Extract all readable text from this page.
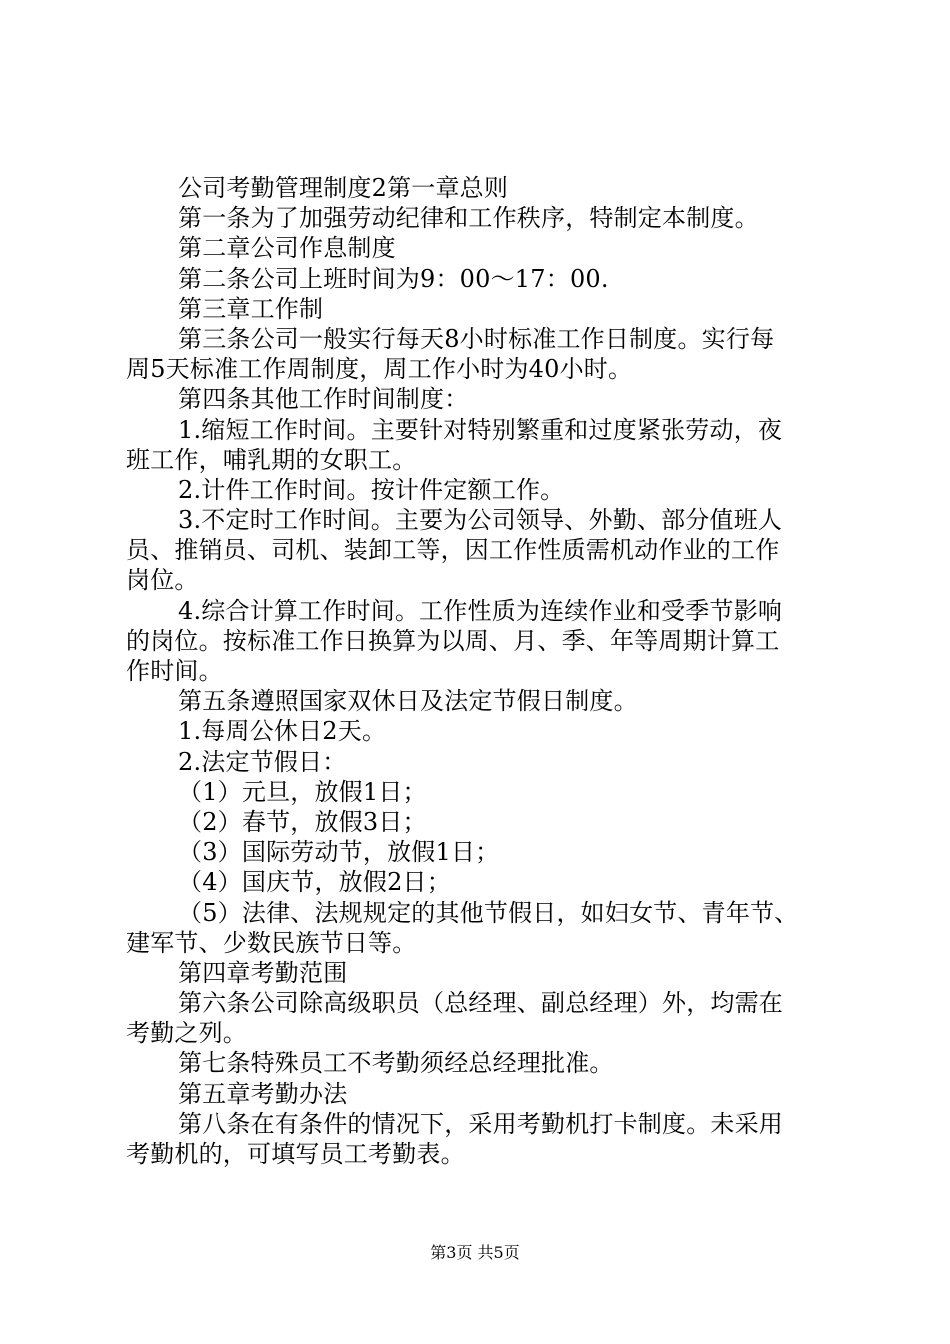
公司考勤管理制度2第一章总则
第一条为了加强劳动纪律和工作秩序，特制定本制度。
第二章公司作息制度
第二条公司上班时间为9：00～17：00.
第三章工作制
第三条公司一般实行每天8小时标准工作日制度。实行每
周5天标准工作周制度，周工作小时为40小时。
第四条其他工作时间制度：
1.缩短工作时间。主要针对特别繁重和过度紧张劳动，夜
班工作，哺乳期的女职工。
2.计件工作时间。按计件定额工作。
3.不定时工作时间。主要为公司领导、外勤、部分值班人
员、推销员、司机、装卸工等，因工作性质需机动作业的工作
岗位。
4.综合计算工作时间。工作性质为连续作业和受季节影响
的岗位。按标准工作日换算为以周、月、季、年等周期计算工
作时间。
第五条遵照国家双休日及法定节假日制度。
1.每周公休日2天。
2.法定节假日：
（1）元旦，放假1日；
（2）春节，放假3日；
（3）国际劳动节，放假1日；
（4）国庆节，放假2日；
（5）法律、法规规定的其他节假日，如妇女节、青年节、
建军节、少数民族节日等。
第四章考勤范围
第六条公司除高级职员（总经理、副总经理）外，均需在
考勤之列。
第七条特殊员工不考勤须经总经理批准。
第五章考勤办法
第八条在有条件的情况下，采用考勤机打卡制度。未采用
考勤机的，可填写员工考勤表。
第3页 共5页
